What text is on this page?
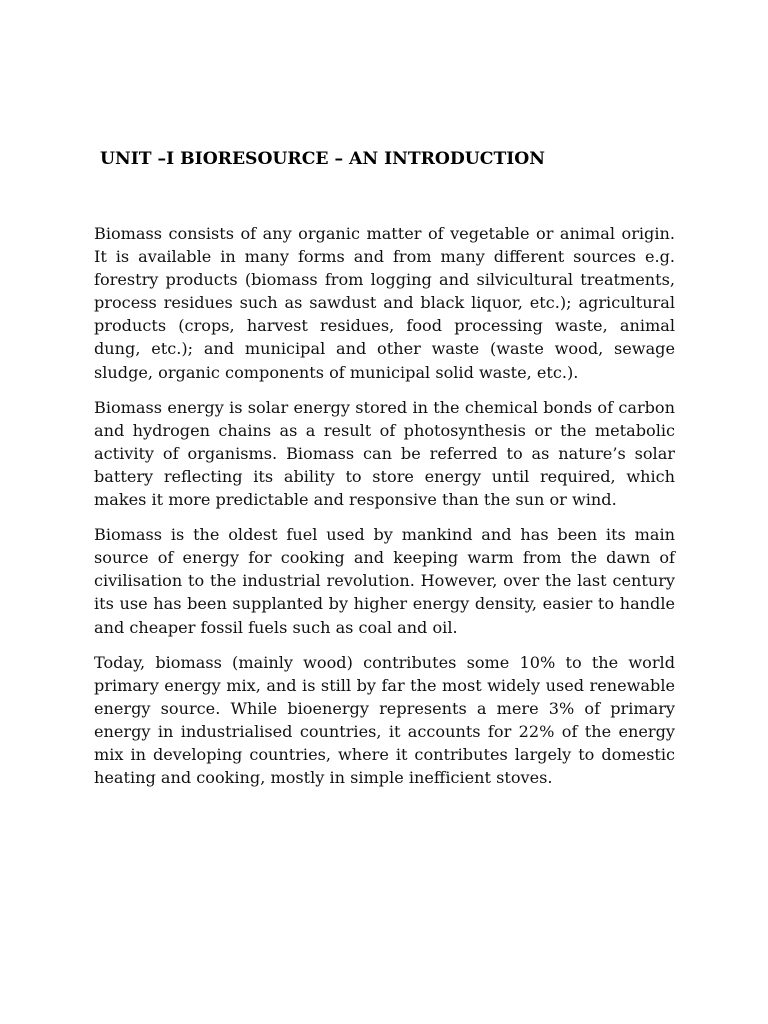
UNIT –I BIORESOURCE – AN INTRODUCTION

Biomass consists of any organic matter of vegetable or animal origin. It is available in many forms and from many different sources e.g. forestry products (biomass from logging and silvicultural treatments, process residues such as sawdust and black liquor, etc.); agricultural products (crops, harvest residues, food processing waste, animal dung, etc.); and municipal and other waste (waste wood, sewage sludge, organic components of municipal solid waste, etc.).

Biomass energy is solar energy stored in the chemical bonds of carbon and hydrogen chains as a result of photosynthesis or the metabolic activity of organisms. Biomass can be referred to as nature’s solar battery reflecting its ability to store energy until required, which makes it more predictable and responsive than the sun or wind.

Biomass is the oldest fuel used by mankind and has been its main source of energy for cooking and keeping warm from the dawn of civilisation to the industrial revolution. However, over the last century its use has been supplanted by higher energy density, easier to handle and cheaper fossil fuels such as coal and oil.

Today, biomass (mainly wood) contributes some 10% to the world primary energy mix, and is still by far the most widely used renewable energy source. While bioenergy represents a mere 3% of primary energy in industrialised countries, it accounts for 22% of the energy mix in developing countries, where it contributes largely to domestic heating and cooking, mostly in simple inefficient stoves.
